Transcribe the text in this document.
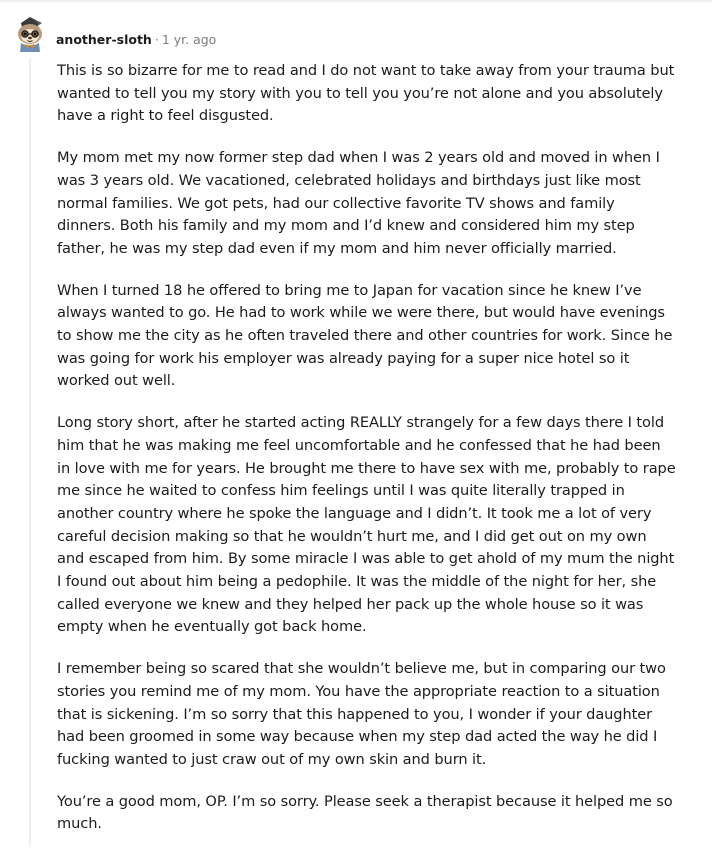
another-sloth · 1 yr. ago

This is so bizarre for me to read and I do not want to take away from your trauma but wanted to tell you my story with you to tell you you’re not alone and you absolutely have a right to feel disgusted.

My mom met my now former step dad when I was 2 years old and moved in when I was 3 years old. We vacationed, celebrated holidays and birthdays just like most normal families. We got pets, had our collective favorite TV shows and family dinners. Both his family and my mom and I’d knew and considered him my step father, he was my step dad even if my mom and him never officially married.

When I turned 18 he offered to bring me to Japan for vacation since he knew I’ve always wanted to go. He had to work while we were there, but would have evenings to show me the city as he often traveled there and other countries for work. Since he was going for work his employer was already paying for a super nice hotel so it worked out well.

Long story short, after he started acting REALLY strangely for a few days there I told him that he was making me feel uncomfortable and he confessed that he had been in love with me for years. He brought me there to have sex with me, probably to rape me since he waited to confess him feelings until I was quite literally trapped in another country where he spoke the language and I didn’t. It took me a lot of very careful decision making so that he wouldn’t hurt me, and I did get out on my own and escaped from him. By some miracle I was able to get ahold of my mum the night I found out about him being a pedophile. It was the middle of the night for her, she called everyone we knew and they helped her pack up the whole house so it was empty when he eventually got back home.

I remember being so scared that she wouldn’t believe me, but in comparing our two stories you remind me of my mom. You have the appropriate reaction to a situation that is sickening. I’m so sorry that this happened to you, I wonder if your daughter had been groomed in some way because when my step dad acted the way he did I fucking wanted to just craw out of my own skin and burn it.

You’re a good mom, OP. I’m so sorry. Please seek a therapist because it helped me so much.
